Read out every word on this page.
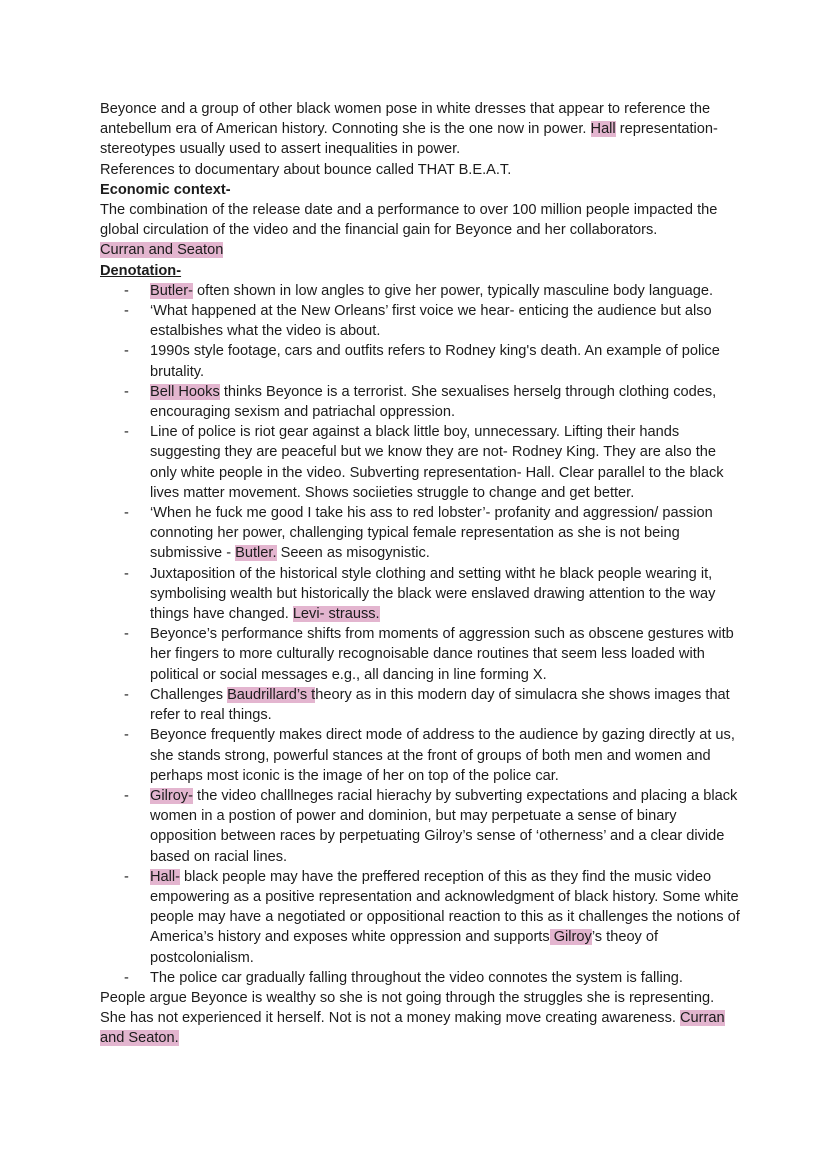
Beyonce and a group of other black women pose in white dresses that appear to reference the antebellum era of American history. Connoting she is the one now in power. Hall representation- stereotypes usually used to assert inequalities in power.

References to documentary about bounce called THAT B.E.A.T.

Economic context-

The combination of the release date and a performance to over 100 million people impacted the global circulation of the video and the financial gain for Beyonce and her collaborators.
Curran and Seaton

Denotation-

- Butler- often shown in low angles to give her power, typically masculine body language.
- ‘What happened at the New Orleans’ first voice we hear- enticing the audience but also estalbishes what the video is about.
- 1990s style footage, cars and outfits refers to Rodney king's death. An example of police brutality.
- Bell Hooks thinks Beyonce is a terrorist. She sexualises herselg through clothing codes, encouraging sexism and patriachal oppression.
- Line of police is riot gear against a black little boy, unnecessary. Lifting their hands suggesting they are peaceful but we know they are not- Rodney King. They are also the only white people in the video. Subverting representation- Hall. Clear parallel to the black lives matter movement. Shows sociieties struggle to change and get better.
- ‘When he fuck me good I take his ass to red lobster’- profanity and aggression/ passion connoting her power, challenging typical female representation as she is not being submissive - Butler. Seeen as misogynistic.
- Juxtaposition of the historical style clothing and setting witht he black people wearing it, symbolising wealth but historically the black were enslaved drawing attention to the way things have changed. Levi- strauss.
- Beyonce’s performance shifts from moments of aggression such as obscene gestures witb her fingers to more culturally recognoisable dance routines that seem less loaded with political or social messages e.g., all dancing in line forming X.
- Challenges Baudrillard’s theory as in this modern day of simulacra she shows images that refer to real things.
- Beyonce frequently makes direct mode of address to the audience by gazing directly at us, she stands strong, powerful stances at the front of groups of both men and women and perhaps most iconic is the image of her on top of the police car.
- Gilroy- the video challlneges racial hierachy by subverting expectations and placing a black women in a postion of power and dominion, but may perpetuate a sense of binary opposition between races by perpetuating Gilroy’s sense of ‘otherness’ and a clear divide based on racial lines.
- Hall- black people may have the preffered reception of this as they find the music video empowering as a positive representation and acknowledgment of black history. Some white people may have a negotiated or oppositional reaction to this as it challenges the notions of America’s history and exposes white oppression and supports Gilroy’s theoy of postcolonialism.
- The police car gradually falling throughout the video connotes the system is falling.

People argue Beyonce is wealthy so she is not going through the struggles she is representing. She has not experienced it herself. Not is not a money making move creating awareness. Curran and Seaton.
